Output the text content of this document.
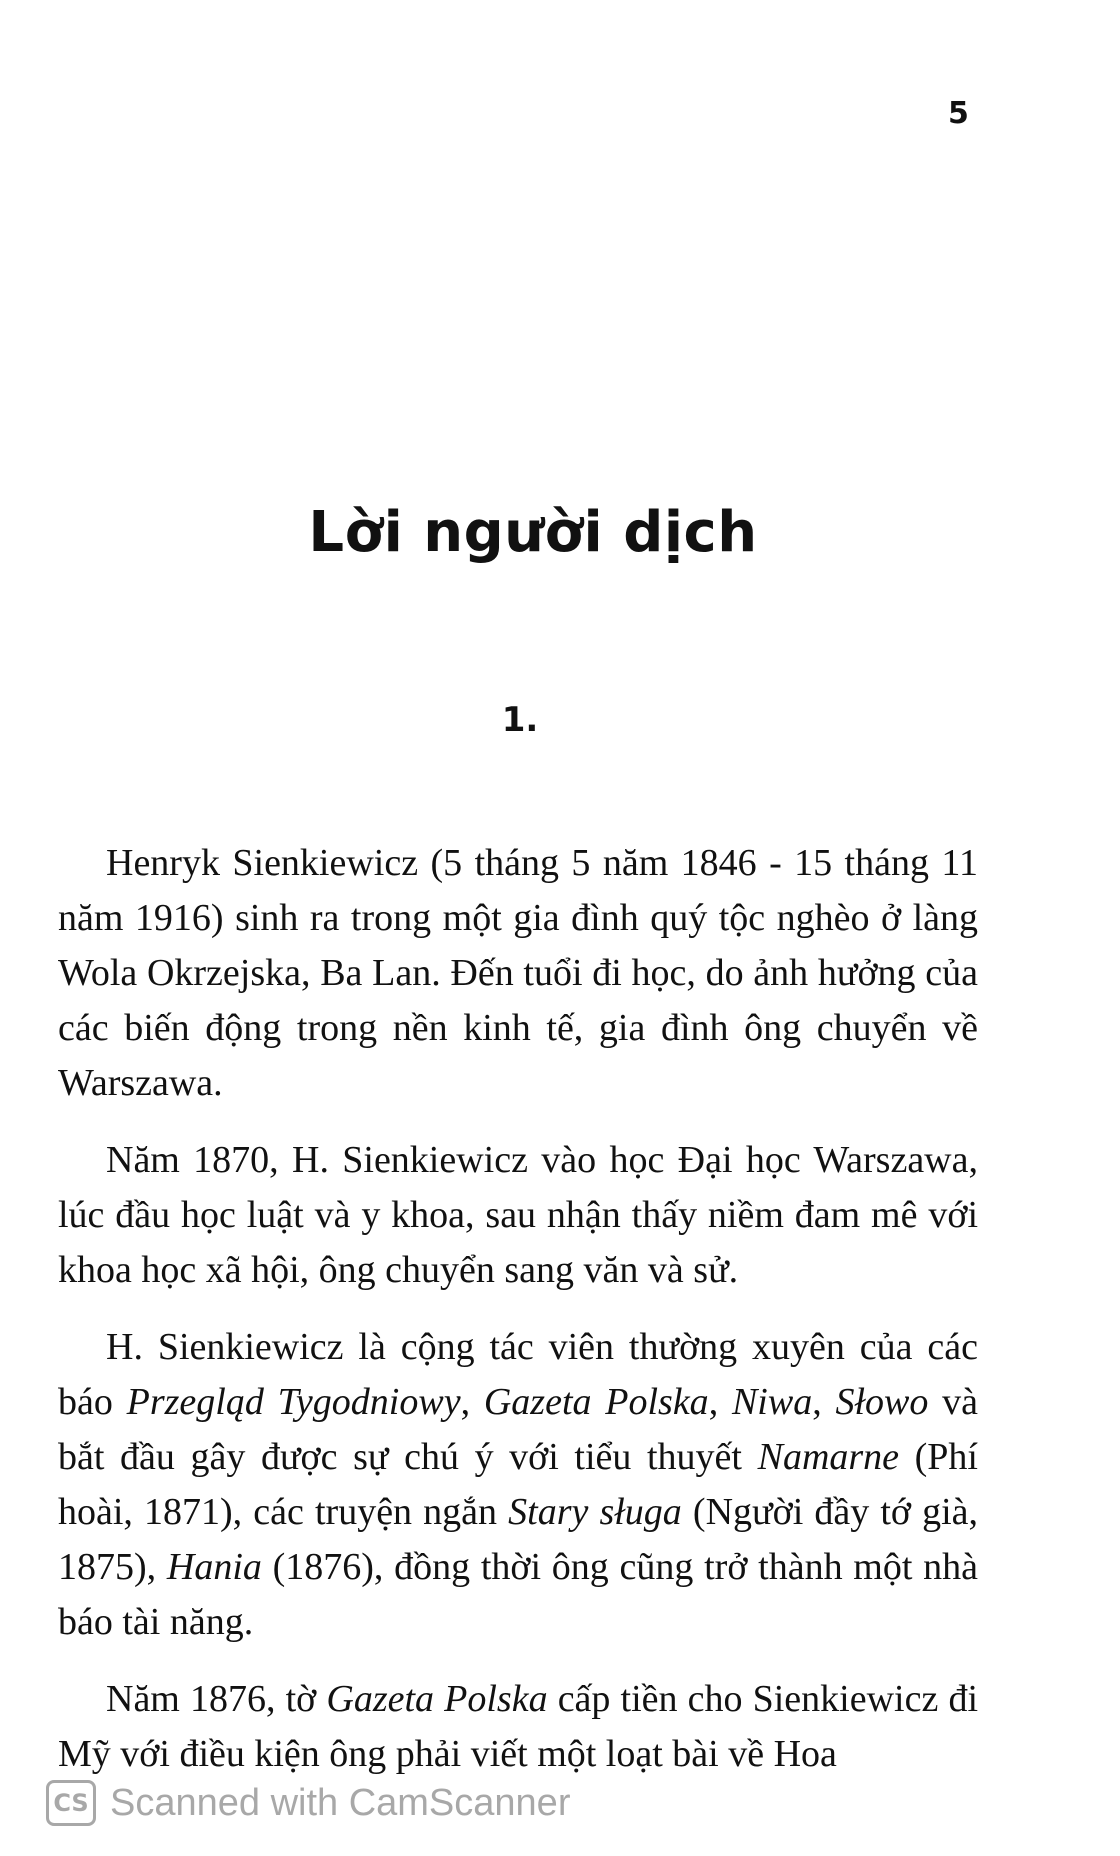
5
Lời người dịch
1.

Henryk Sienkiewicz (5 tháng 5 năm 1846 - 15 tháng 11 năm 1916) sinh ra trong một gia đình quý tộc nghèo ở làng Wola Okrzejska, Ba Lan. Đến tuổi đi học, do ảnh hưởng của các biến động trong nền kinh tế, gia đình ông chuyển về Warszawa.

Năm 1870, H. Sienkiewicz vào học Đại học Warszawa, lúc đầu học luật và y khoa, sau nhận thấy niềm đam mê với khoa học xã hội, ông chuyển sang văn và sử.

H. Sienkiewicz là cộng tác viên thường xuyên của các báo Przegląd Tygodniowy, Gazeta Polska, Niwa, Słowo và bắt đầu gây được sự chú ý với tiểu thuyết Namarne (Phí hoài, 1871), các truyện ngắn Stary sługa (Người đầy tớ già, 1875), Hania (1876), đồng thời ông cũng trở thành một nhà báo tài năng.

Năm 1876, tờ Gazeta Polska cấp tiền cho Sienkiewicz đi Mỹ với điều kiện ông phải viết một loạt bài về Hoa

CS Scanned with CamScanner
